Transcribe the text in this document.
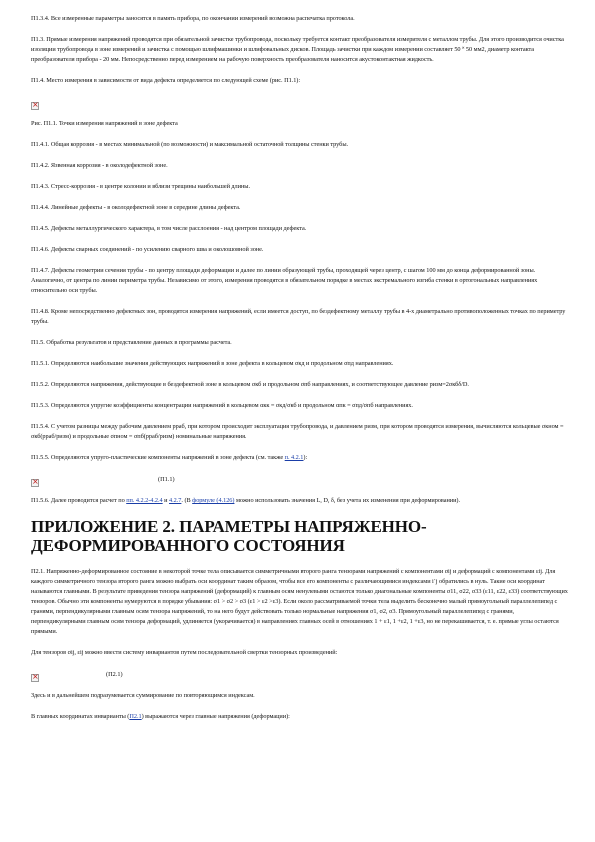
П1.3.4. Все измеренные параметры заносятся в память прибора, по окончании измерений возможна распечатка протокола.

П1.3. Прямые измерения напряжений проводятся при обязательной зачистке трубопровода, поскольку требуется контакт преобразователя измерителя с металлом трубы. Для этого производится очистка изоляции трубопровода в зоне измерений и зачистка с помощью шлифмашинки и шлифовальных дисков. Площадь зачистки при каждом измерении составляет 50 ˟ 50 мм2, диаметр контакта преобразователя прибора - 20 мм. Непосредственно перед измерением на рабочую поверхность преобразователя наносится акустоконтактная жидкость.

П1.4. Место измерения в зависимости от вида дефекта определяется по следующей схеме (рис. П1.1):

×

Рис. П1.1. Точки измерения напряжений в зоне дефекта

П1.4.1. Общая коррозия - в местах минимальной (по возможности) и максимальной остаточной толщины стенки трубы.

П1.4.2. Язвенная коррозия - в околодефектной зоне.

П1.4.3. Стресс-коррозия - в центре колонии и вблизи трещины наибольшей длины.

П1.4.4. Линейные дефекты - в околодефектной зоне в середине длины дефекта.

П1.4.5. Дефекты металлургического характера, в том числе расслоения - над центром площади дефекта.

П1.4.6. Дефекты сварных соединений - по усилению сварного шва и околошовной зоне.

П1.4.7. Дефекты геометрии сечения трубы - по центру площади деформации и далее по линии образующей трубы, проходящей через центр, с шагом 100 мм до конца деформированной зоны. Аналогично, от центра по линии периметра трубы. Независимо от этого, измерения проводятся в обязательном порядке в местах экстремального изгиба стенки в ортогональных направлениях относительно оси трубы.

П1.4.8. Кроме непосредственно дефектных зон, проводятся измерения напряжений, если имеется доступ, по бездефектному металлу трубы в 4-х диаметрально противоположенных точках по периметру трубы.

П1.5. Обработка результатов и представление данных в программы расчета.

П1.5.1. Определяются наибольшие значения действующих напряжений в зоне дефекта в кольцевом σкд и продольном σпд направлениях.

П1.5.2. Определяются напряжения, действующие в бездефектной зоне в кольцевом σкб и продольном σпб направлениях, и соответствующее давление ризм=2σкбδ/D.

П1.5.3. Определяются упругие коэффициенты концентрации напряжений в кольцевом αкк = σкд/σкб и продольном αпк = σпд/σпб направлениях.

П1.5.4. С учетом разницы между рабочим давлением рраб, при котором происходит эксплуатация трубопровода, и давлением ризм, при котором проводятся измерения, вычисляются кольцевые σкном = σкб(рраб/ризм) и продольные σпном = σпб(рраб/ризм) номинальные напряжения.

П1.5.5. Определяются упруго-пластические компоненты напряжений в зоне дефекта (см. также п. 4.2.1):

×
(П1.1)

П1.5.6. Далее проводится расчет по пп. 4.2.2-4.2.4 и 4.2.7. (В формуле (4.126) можно использовать значения L, D, δ, без учета их изменения при деформировании).

ПРИЛОЖЕНИЕ 2. ПАРАМЕТРЫ НАПРЯЖЕННО-ДЕФОРМИРОВАННОГО СОСТОЯНИЯ

П2.1. Напряженно-деформированное состояние в некоторой точке тела описывается симметричными второго ранга тензорами напряжений с компонентами σij и деформаций с компонентами εij. Для каждого симметричного тензора второго ранга можно выбрать оси координат таким образом, чтобы все его компоненты с различающимися индексами i˹j обратились в нуль. Такие оси координат называются главными. В результате приведения тензора напряжений (деформаций) к главным осям ненулевыми остаются только диагональные компоненты σ11, σ22, σ33 (ε11, ε22, ε33) соответствующих тензоров. Обычно эти компоненты нумеруются в порядке убывания: σ1 ˃ σ2 ˃ σ3 (ε1 ˃ ε2 ˃ε3). Если около рассматриваемой точки тела выделить бесконечно малый прямоугольный параллелепипед с гранями, перпендикулярными главным осям тензора напряжений, то на него будут действовать только нормальные напряжения σ1, σ2, σ3. Прямоугольный параллелепипед с гранями, перпендикулярными главным осям тензора деформаций, удлиняется (укорачивается) в направлениях главных осей в отношениях 1 + ε1, 1 +ε2, 1 +ε3, но не перекашивается, т. е. прямые углы остаются прямыми.

Для тензоров σij, εij можно ввести систему инвариантов путем последовательной свертки тензорных произведений:

×
(П2.1)

Здесь и в дальнейшем подразумевается суммирование по повторяющимся индексам.

В главных координатах инварианты (П2.1) выражаются через главные напряжения (деформации):
